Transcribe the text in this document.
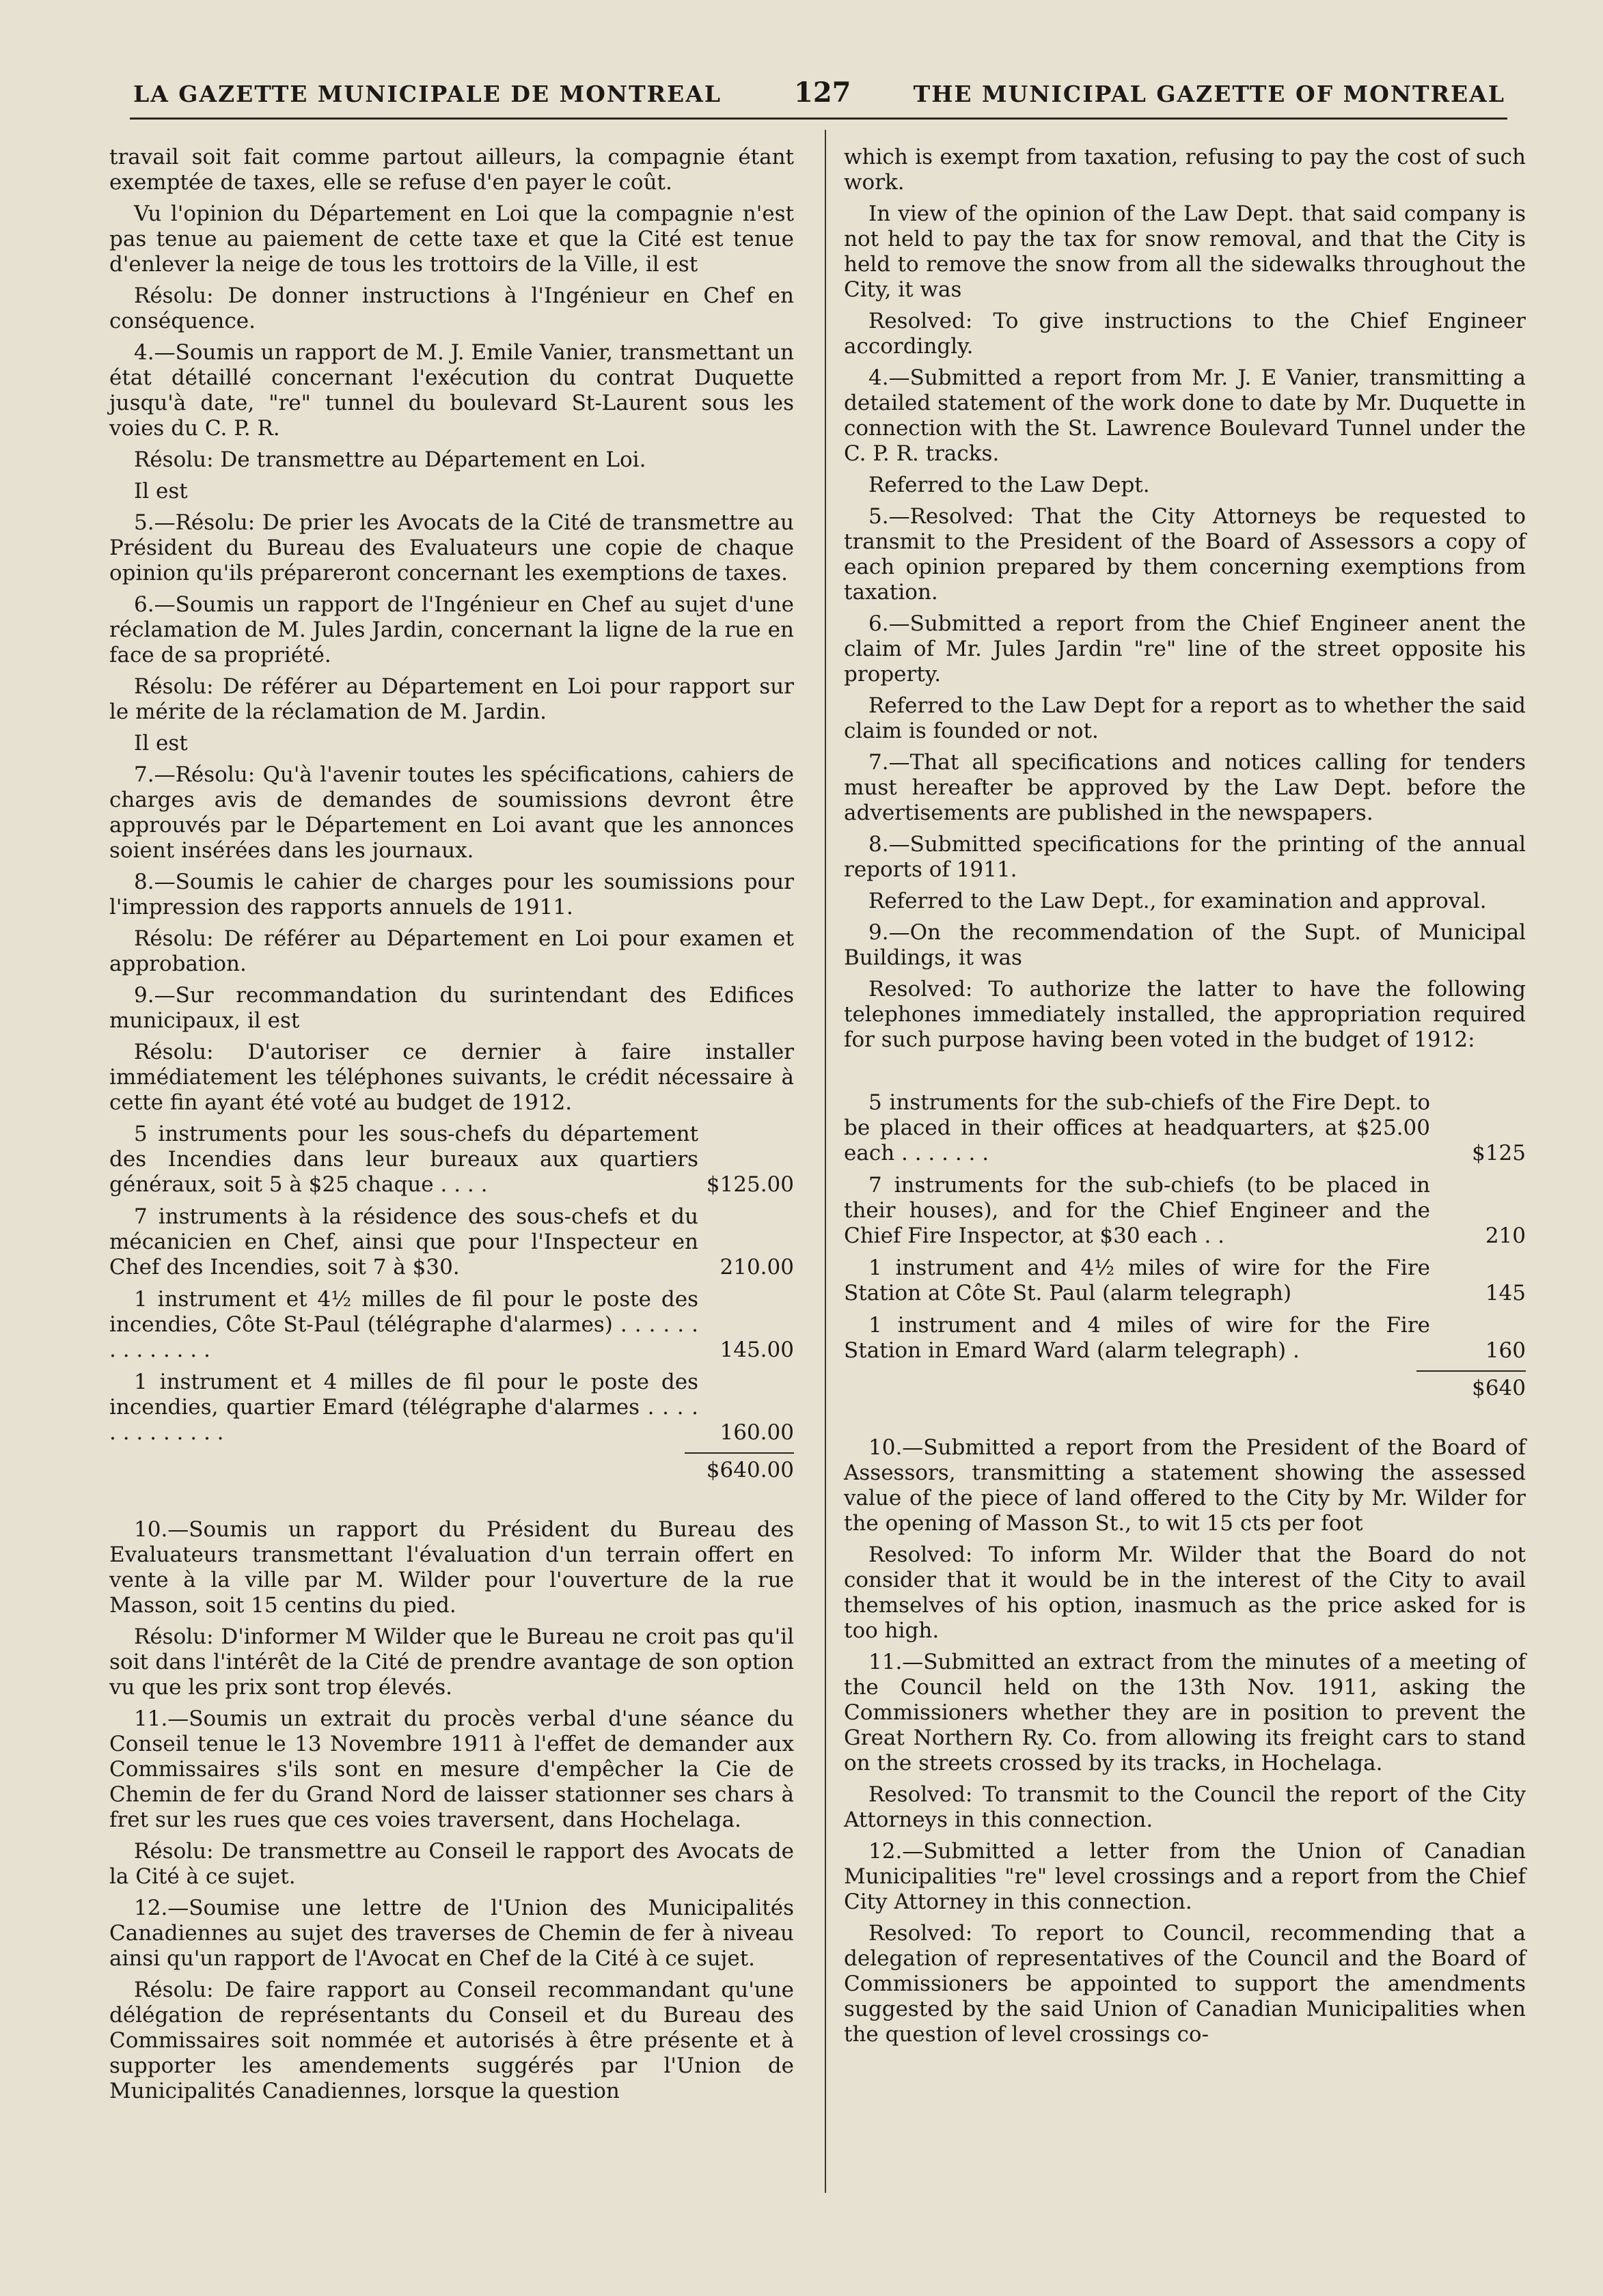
LA GAZETTE MUNICIPALE DE MONTREAL	127	THE MUNICIPAL GAZETTE OF MONTREAL

travail soit fait comme partout ailleurs, la compagnie étant exemptée de taxes, elle se refuse d'en payer le coût.

Vu l'opinion du Département en Loi que la compagnie n'est pas tenue au paiement de cette taxe et que la Cité est tenue d'enlever la neige de tous les trottoirs de la Ville, il est

Résolu: De donner instructions à l'Ingénieur en Chef en conséquence.

4.—Soumis un rapport de M. J. Emile Vanier, transmettant un état détaillé concernant l'exécution du contrat Duquette jusqu'à date, "re" tunnel du boulevard St-Laurent sous les voies du C. P. R.

Résolu: De transmettre au Département en Loi.

Il est

5.—Résolu: De prier les Avocats de la Cité de transmettre au Président du Bureau des Evaluateurs une copie de chaque opinion qu'ils prépareront concernant les exemptions de taxes.

6.—Soumis un rapport de l'Ingénieur en Chef au sujet d'une réclamation de M. Jules Jardin, concernant la ligne de la rue en face de sa propriété.

Résolu: De référer au Département en Loi pour rapport sur le mérite de la réclamation de M. Jardin.

Il est

7.—Résolu: Qu'à l'avenir toutes les spécifications, cahiers de charges avis de demandes de soumissions devront être approuvés par le Département en Loi avant que les annonces soient insérées dans les journaux.

8.—Soumis le cahier de charges pour les soumissions pour l'impression des rapports annuels de 1911.

Résolu: De référer au Département en Loi pour examen et approbation.

9.—Sur recommandation du surintendant des Edifices municipaux, il est

Résolu: D'autoriser ce dernier à faire installer immédiatement les téléphones suivants, le crédit nécessaire à cette fin ayant été voté au budget de 1912.

5 instruments pour les sous-chefs du département des Incendies dans leur bureaux aux quartiers généraux, soit 5 à $25 chaque . . . .	$125.00
7 instruments à la résidence des sous-chefs et du mécanicien en Chef, ainsi que pour l'Inspecteur en Chef des Incendies, soit 7 à $30.	210.00
1 instrument et 4½ milles de fil pour le poste des incendies, Côte St-Paul (télégraphe d'alarmes) . . . . . . . . . . . . . .	145.00
1 instrument et 4 milles de fil pour le poste des incendies, quartier Emard (télégraphe d'alarmes . . . . . . . . . . . . .	160.00
$640.00

10.—Soumis un rapport du Président du Bureau des Evaluateurs transmettant l'évaluation d'un terrain offert en vente à la ville par M. Wilder pour l'ouverture de la rue Masson, soit 15 centins du pied.

Résolu: D'informer M Wilder que le Bureau ne croit pas qu'il soit dans l'intérêt de la Cité de prendre avantage de son option vu que les prix sont trop élevés.

11.—Soumis un extrait du procès verbal d'une séance du Conseil tenue le 13 Novembre 1911 à l'effet de demander aux Commissaires s'ils sont en mesure d'empêcher la Cie de Chemin de fer du Grand Nord de laisser stationner ses chars à fret sur les rues que ces voies traversent, dans Hochelaga.

Résolu: De transmettre au Conseil le rapport des Avocats de la Cité à ce sujet.

12.—Soumise une lettre de l'Union des Municipalités Canadiennes au sujet des traverses de Chemin de fer à niveau ainsi qu'un rapport de l'Avocat en Chef de la Cité à ce sujet.

Résolu: De faire rapport au Conseil recommandant qu'une délégation de représentants du Conseil et du Bureau des Commissaires soit nommée et autorisés à être présente et à supporter les amendements suggérés par l'Union de Municipalités Canadiennes, lorsque la question

which is exempt from taxation, refusing to pay the cost of such work.

In view of the opinion of the Law Dept. that said company is not held to pay the tax for snow removal, and that the City is held to remove the snow from all the sidewalks throughout the City, it was

Resolved: To give instructions to the Chief Engineer accordingly.

4.—Submitted a report from Mr. J. E Vanier, transmitting a detailed statement of the work done to date by Mr. Duquette in connection with the St. Lawrence Boulevard Tunnel under the C. P. R. tracks.

Referred to the Law Dept.

5.—Resolved: That the City Attorneys be requested to transmit to the President of the Board of Assessors a copy of each opinion prepared by them concerning exemptions from taxation.

6.—Submitted a report from the Chief Engineer anent the claim of Mr. Jules Jardin "re" line of the street opposite his property.

Referred to the Law Dept for a report as to whether the said claim is founded or not.

7.—That all specifications and notices calling for tenders must hereafter be approved by the Law Dept. before the advertisements are published in the newspapers.

8.—Submitted specifications for the printing of the annual reports of 1911.

Referred to the Law Dept., for examination and approval.

9.—On the recommendation of the Supt. of Municipal Buildings, it was

Resolved: To authorize the latter to have the following telephones immediately installed, the appropriation required for such purpose having been voted in the budget of 1912:

5 instruments for the sub-chiefs of the Fire Dept. to be placed in their offices at headquarters, at $25.00 each . . . . . . .	$125
7 instruments for the sub-chiefs (to be placed in their houses), and for the Chief Engineer and the Chief Fire Inspector, at $30 each . .	210
1 instrument and 4½ miles of wire for the Fire Station at Côte St. Paul (alarm telegraph)	145
1 instrument and 4 miles of wire for the Fire Station in Emard Ward (alarm telegraph) .	160
$640

10.—Submitted a report from the President of the Board of Assessors, transmitting a statement showing the assessed value of the piece of land offered to the City by Mr. Wilder for the opening of Masson St., to wit 15 cts per foot

Resolved: To inform Mr. Wilder that the Board do not consider that it would be in the interest of the City to avail themselves of his option, inasmuch as the price asked for is too high.

11.—Submitted an extract from the minutes of a meeting of the Council held on the 13th Nov. 1911, asking the Commissioners whether they are in position to prevent the Great Northern Ry. Co. from allowing its freight cars to stand on the streets crossed by its tracks, in Hochelaga.

Resolved: To transmit to the Council the report of the City Attorneys in this connection.

12.—Submitted a letter from the Union of Canadian Municipalities "re" level crossings and a report from the Chief City Attorney in this connection.

Resolved: To report to Council, recommending that a delegation of representatives of the Council and the Board of Commissioners be appointed to support the amendments suggested by the said Union of Canadian Municipalities when the question of level crossings co-
